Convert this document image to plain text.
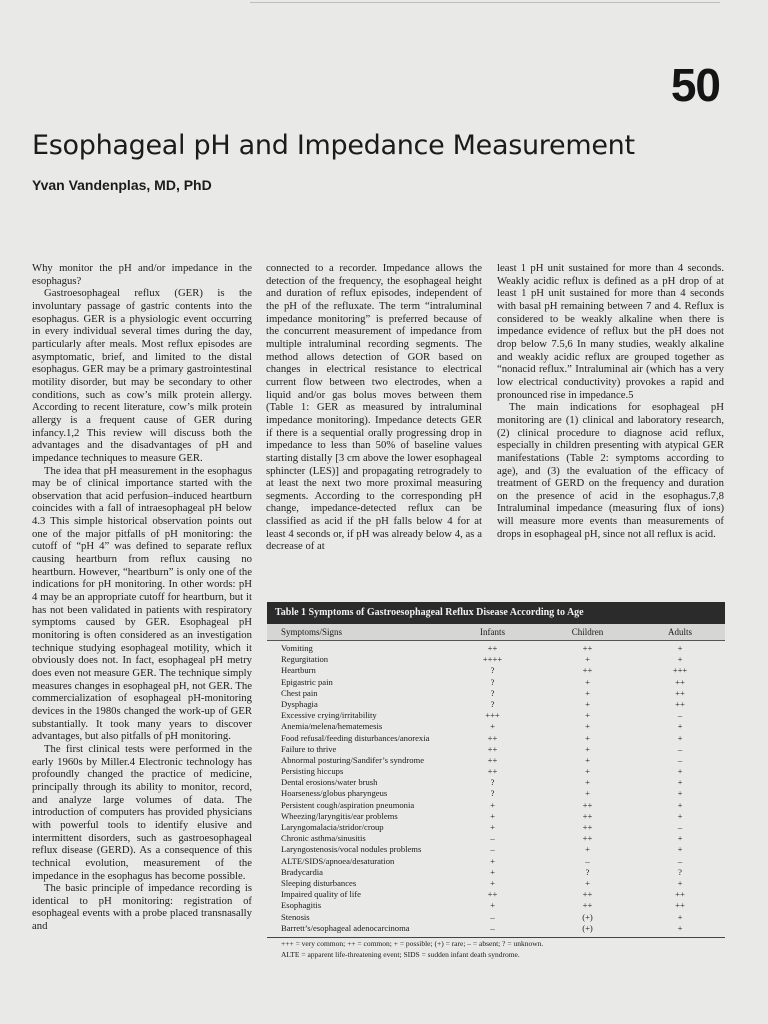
50
Esophageal pH and Impedance Measurement
Yvan Vandenplas, MD, PhD

Why monitor the pH and/or impedance in the esophagus?

Gastroesophageal reflux (GER) is the involuntary passage of gastric contents into the esophagus. GER is a physiologic event occurring in every individual several times during the day, particularly after meals. Most reflux episodes are asymptomatic, brief, and limited to the distal esophagus. GER may be a primary gastrointestinal motility disorder, but may be secondary to other conditions, such as cow’s milk protein allergy. According to recent literature, cow’s milk protein allergy is a frequent cause of GER during infancy.1,2 This review will discuss both the advantages and the disadvantages of pH and impedance techniques to measure GER.

The idea that pH measurement in the esophagus may be of clinical importance started with the observation that acid perfusion–induced heartburn coincides with a fall of intraesophageal pH below 4.3 This simple historical observation points out one of the major pitfalls of pH monitoring: the cutoff of “pH 4” was defined to separate reflux causing heartburn from reflux causing no heartburn. However, “heartburn” is only one of the indications for pH monitoring. In other words: pH 4 may be an appropriate cutoff for heartburn, but it has not been validated in patients with respiratory symptoms caused by GER. Esophageal pH monitoring is often considered as an investigation technique studying esophageal motility, which it obviously does not. In fact, esophageal pH metry does even not measure GER. The technique simply measures changes in esophageal pH, not GER. The commercialization of esophageal pH-monitoring devices in the 1980s changed the work-up of GER substantially. It took many years to discover advantages, but also pitfalls of pH monitoring.

The first clinical tests were performed in the early 1960s by Miller.4 Electronic technology has profoundly changed the practice of medicine, principally through its ability to monitor, record, and analyze large volumes of data. The introduction of computers has provided physicians with powerful tools to identify elusive and intermittent disorders, such as gastroesophageal reflux disease (GERD). As a consequence of this technical evolution, measurement of the impedance in the esophagus has become possible.

The basic principle of impedance recording is identical to pH monitoring: registration of esophageal events with a probe placed transnasally and

connected to a recorder. Impedance allows the detection of the frequency, the esophageal height and duration of reflux episodes, independent of the pH of the refluxate. The term “intraluminal impedance monitoring” is preferred because of the concurrent measurement of impedance from multiple intraluminal recording segments. The method allows detection of GOR based on changes in electrical resistance to electrical current flow between two electrodes, when a liquid and/or gas bolus moves between them (Table 1: GER as measured by intraluminal impedance monitoring). Impedance detects GER if there is a sequential orally progressing drop in impedance to less than 50% of baseline values starting distally [3 cm above the lower esophageal sphincter (LES)] and propagating retrogradely to at least the next two more proximal measuring segments. According to the corresponding pH change, impedance-detected reflux can be classified as acid if the pH falls below 4 for at least 4 seconds or, if pH was already below 4, as a decrease of at

least 1 pH unit sustained for more than 4 seconds. Weakly acidic reflux is defined as a pH drop of at least 1 pH unit sustained for more than 4 seconds with basal pH remaining between 7 and 4. Reflux is considered to be weakly alkaline when there is impedance evidence of reflux but the pH does not drop below 7.5,6 In many studies, weakly alkaline and weakly acidic reflux are grouped together as “nonacid reflux.” Intraluminal air (which has a very low electrical conductivity) provokes a rapid and pronounced rise in impedance.5

The main indications for esophageal pH monitoring are (1) clinical and laboratory research, (2) clinical procedure to diagnose acid reflux, especially in children presenting with atypical GER manifestations (Table 2: symptoms according to age), and (3) the evaluation of the efficacy of treatment of GERD on the frequency and duration on the presence of acid in the esophagus.7,8 Intraluminal impedance (measuring flux of ions) will measure more events than measurements of drops in esophageal pH, since not all reflux is acid.

Table 1 Symptoms of Gastroesophageal Reflux Disease According to Age
Symptoms/Signs	Infants	Children	Adults
Vomiting	++	++	+
Regurgitation	++++	+	+
Heartburn	?	++	+++
Epigastric pain	?	+	++
Chest pain	?	+	++
Dysphagia	?	+	++
Excessive crying/irritability	+++	+	–
Anemia/melena/hematemesis	+	+	+
Food refusal/feeding disturbances/anorexia	++	+	+
Failure to thrive	++	+	–
Abnormal posturing/Sandifer’s syndrome	++	+	–
Persisting hiccups	++	+	+
Dental erosions/water brush	?	+	+
Hoarseness/globus pharyngeus	?	+	+
Persistent cough/aspiration pneumonia	+	++	+
Wheezing/laryngitis/ear problems	+	++	+
Laryngomalacia/stridor/croup	+	++	–
Chronic asthma/sinusitis	–	++	+
Laryngostenosis/vocal nodules problems	–	+	+
ALTE/SIDS/apnoea/desaturation	+	–	–
Bradycardia	+	?	?
Sleeping disturbances	+	+	+
Impaired quality of life	++	++	++
Esophagitis	+	++	++
Stenosis	–	(+)	+
Barrett’s/esophageal adenocarcinoma	–	(+)	+
+++ = very common; ++ = common; + = possible; (+) = rare; – = absent; ? = unknown.
ALTE = apparent life-threatening event; SIDS = sudden infant death syndrome.
